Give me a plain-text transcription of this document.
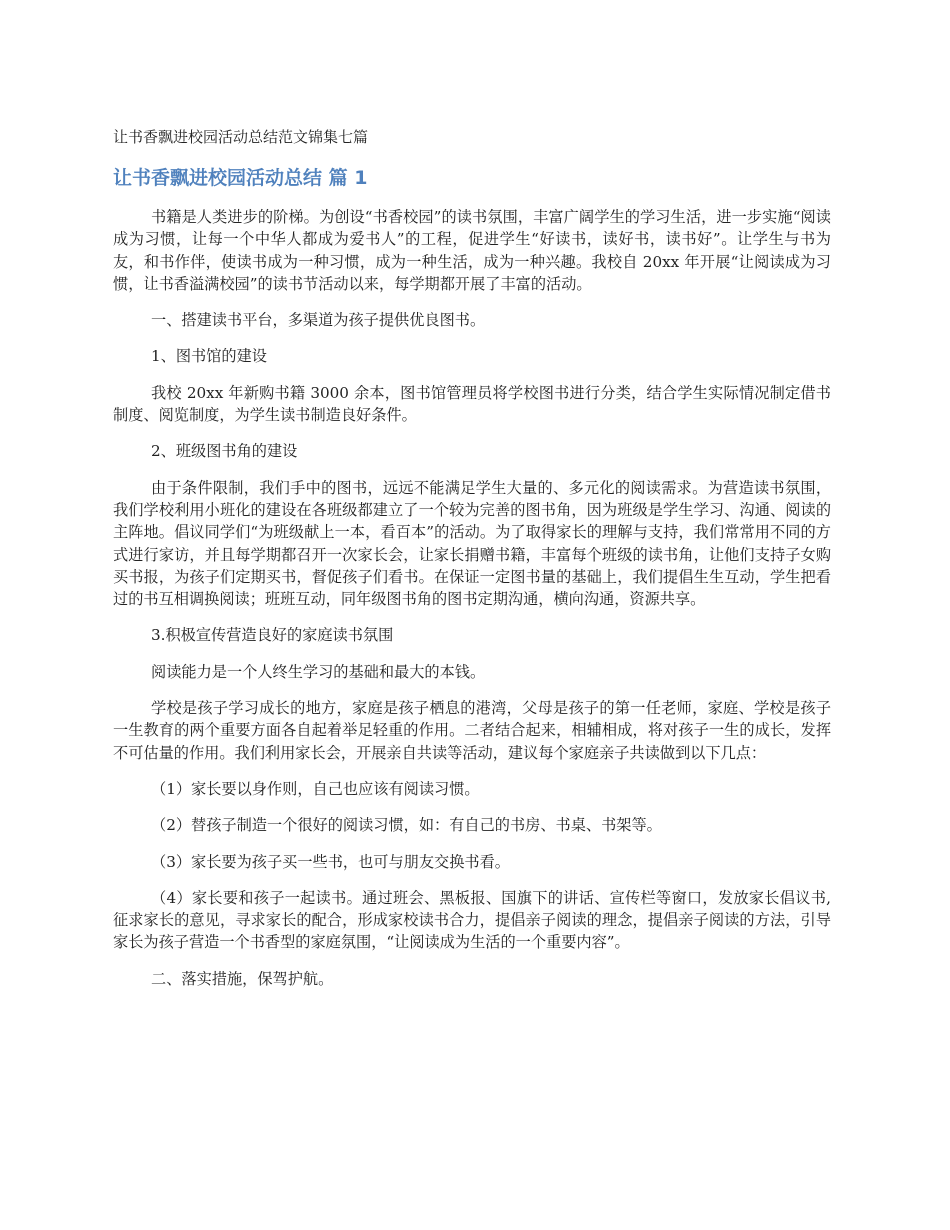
让书香飘进校园活动总结范文锦集七篇
让书香飘进校园活动总结 篇 1
书籍是人类进步的阶梯。为创设“书香校园”的读书氛围，丰富广阔学生的学习生活，进一步实施“阅读成为习惯，让每一个中华人都成为爱书人”的工程，促进学生“好读书，读好书，读书好”。让学生与书为友，和书作伴，使读书成为一种习惯，成为一种生活，成为一种兴趣。我校自 20xx 年开展“让阅读成为习惯，让书香溢满校园”的读书节活动以来，每学期都开展了丰富的活动。
一、搭建读书平台，多渠道为孩子提供优良图书。
1、图书馆的建设
我校 20xx 年新购书籍 3000 余本，图书馆管理员将学校图书进行分类，结合学生实际情况制定借书制度、阅览制度，为学生读书制造良好条件。
2、班级图书角的建设
由于条件限制，我们手中的图书，远远不能满足学生大量的、多元化的阅读需求。为营造读书氛围，我们学校利用小班化的建设在各班级都建立了一个较为完善的图书角，因为班级是学生学习、沟通、阅读的主阵地。倡议同学们“为班级献上一本，看百本”的活动。为了取得家长的理解与支持，我们常常用不同的方式进行家访，并且每学期都召开一次家长会，让家长捐赠书籍，丰富每个班级的读书角，让他们支持子女购买书报，为孩子们定期买书，督促孩子们看书。在保证一定图书量的基础上，我们提倡生生互动，学生把看过的书互相调换阅读；班班互动，同年级图书角的图书定期沟通，横向沟通，资源共享。
3.积极宣传营造良好的家庭读书氛围
阅读能力是一个人终生学习的基础和最大的本钱。
学校是孩子学习成长的地方，家庭是孩子栖息的港湾，父母是孩子的第一任老师，家庭、学校是孩子一生教育的两个重要方面各自起着举足轻重的作用。二者结合起来，相辅相成，将对孩子一生的成长，发挥不可估量的作用。我们利用家长会，开展亲自共读等活动，建议每个家庭亲子共读做到以下几点：
（1）家长要以身作则，自己也应该有阅读习惯。
（2）替孩子制造一个很好的阅读习惯，如：有自己的书房、书桌、书架等。
（3）家长要为孩子买一些书，也可与朋友交换书看。
（4）家长要和孩子一起读书。通过班会、黑板报、国旗下的讲话、宣传栏等窗口，发放家长倡议书,征求家长的意见，寻求家长的配合，形成家校读书合力，提倡亲子阅读的理念，提倡亲子阅读的方法，引导家长为孩子营造一个书香型的家庭氛围，“让阅读成为生活的一个重要内容”。
二、落实措施，保驾护航。
